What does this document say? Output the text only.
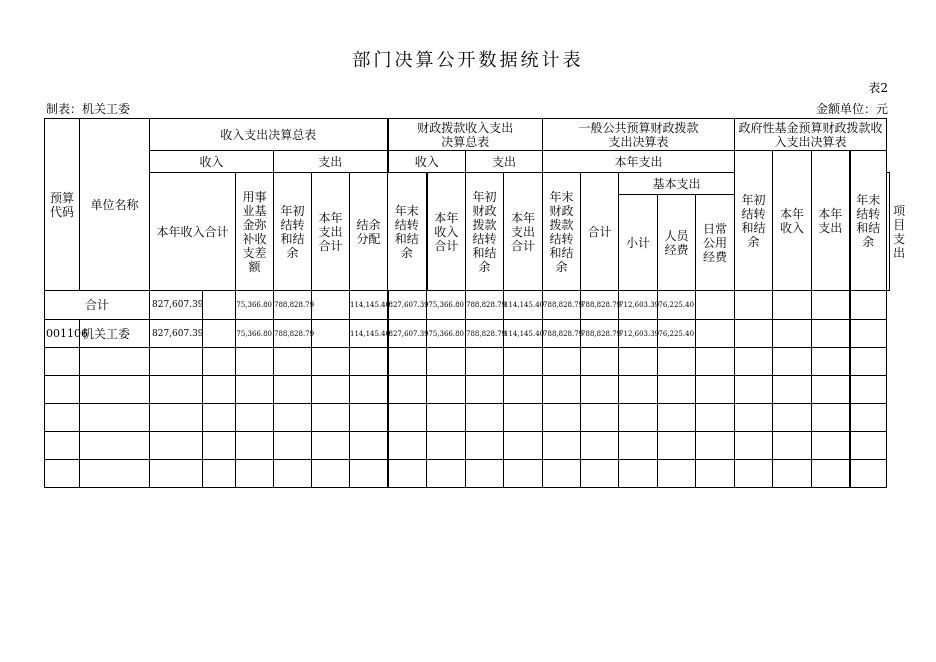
部门决算公开数据统计表
表2
制表：机关工委	金额单位：元
预算代码	单位名称	收入支出决算总表						财政拨款收入支出决算总表				一般公共预算财政拨款支出决算表					政府性基金预算财政拨款收入支出决算表				
		收入			支出			收入		支出		本年支出					年初结转和结余	本年收入	本年支出	年末结转和结余	
		本年收入合计		用事业基金弥补收支差额	年初结转和结余	本年支出合计	结余分配	年末结转和结余	本年收入合计	年初财政拨款结转和结余	本年支出合计	年末财政拨款结转和结余	合计	基本支出							项目支出
														小计	人员经费	日常公用经费					
合计		827,607.39		75,366.80	788,828.79		114,145.40	827,607.39	75,366.80	788,828.79	114,145.40	788,828.79	788,828.79	712,603.39	76,225.40						
001106	机关工委	827,607.39		75,366.80	788,828.79		114,145.40	827,607.39	75,366.80	788,828.79	114,145.40	788,828.79	788,828.79	712,603.39	76,225.40						
